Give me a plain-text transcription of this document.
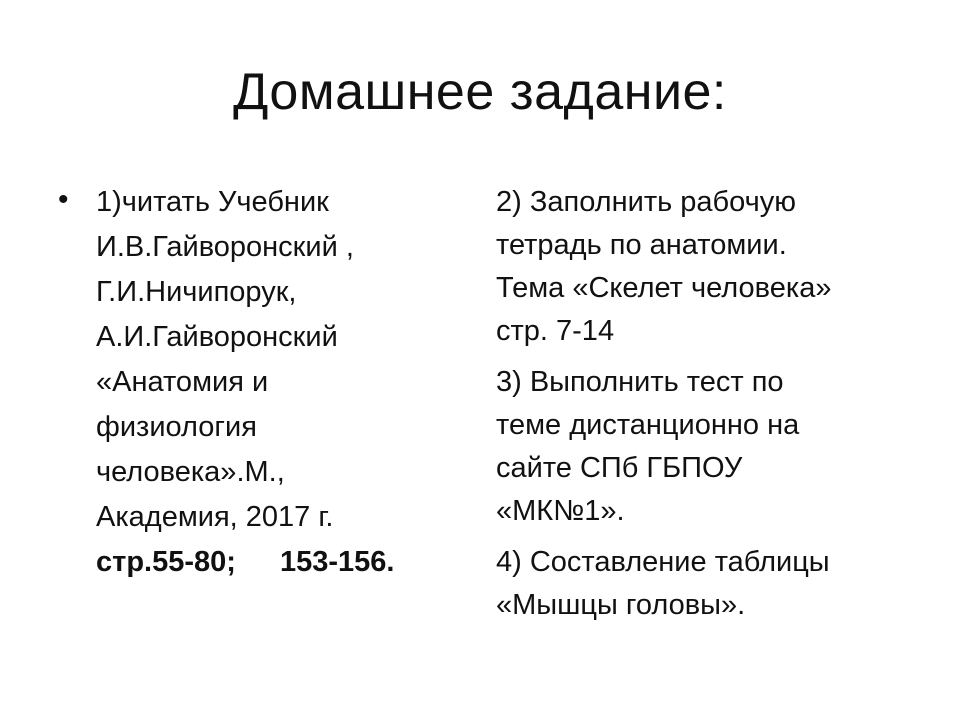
Домашнее задание:
• 1)читать Учебник
И.В.Гайворонский ,
Г.И.Ничипорук,
А.И.Гайворонский
«Анатомия и
физиология
человека».М.,
Академия, 2017 г.
стр.55-80; 153-156.

2) Заполнить рабочую
тетрадь по анатомии.
Тема «Скелет человека»
стр. 7-14

3) Выполнить тест по
теме дистанционно на
сайте СПб ГБПОУ
«МК№1».

4) Составление таблицы
«Мышцы головы».
